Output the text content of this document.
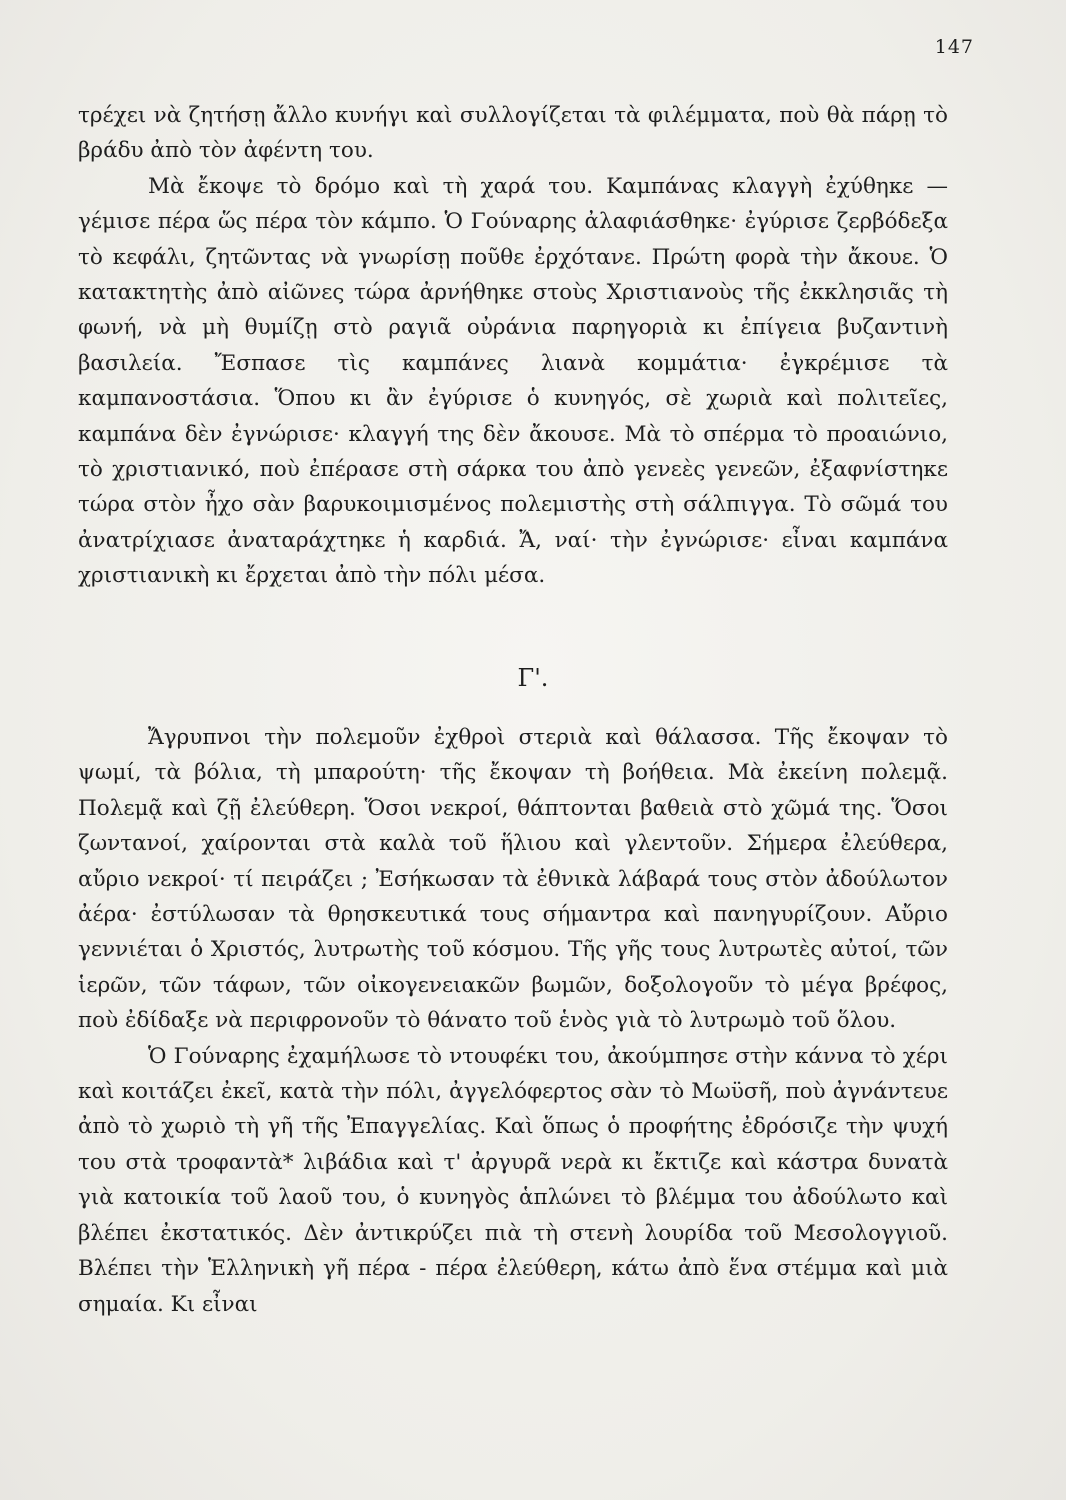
147

τρέχει νὰ ζητήσῃ ἄλλο κυνήγι καὶ συλλογίζεται τὰ φιλέμματα, ποὺ θὰ πάρῃ τὸ βράδυ ἀπὸ τὸν ἀφέντη του.

Μὰ ἔκοψε τὸ δρόμο καὶ τὴ χαρά του. Καμπάνας κλαγγὴ ἐχύθηκε — γέμισε πέρα ὥς πέρα τὸν κάμπο. Ὁ Γούναρης ἀλαφιάσθηκε· ἐγύρισε ζερβόδεξα τὸ κεφάλι, ζητῶντας νὰ γνωρίσῃ ποῦθε ἐρχότανε. Πρώτη φορὰ τὴν ἄκουε. Ὁ κατακτητὴς ἀπὸ αἰῶνες τώρα ἀρνήθηκε στοὺς Χριστιανοὺς τῆς ἐκκλησιᾶς τὴ φωνή, νὰ μὴ θυμίζῃ στὸ ραγιᾶ οὐράνια παρηγοριὰ κι ἐπίγεια βυζαντινὴ βασιλεία. Ἔσπασε τὶς καμπάνες λιανὰ κομμάτια· ἐγκρέμισε τὰ καμπανοστάσια. Ὅπου κι ἂν ἐγύρισε ὁ κυνηγός, σὲ χωριὰ καὶ πολιτεῖες, καμπάνα δὲν ἐγνώρισε· κλαγγή της δὲν ἄκουσε. Μὰ τὸ σπέρμα τὸ προαιώνιο, τὸ χριστιανικό, ποὺ ἐπέρασε στὴ σάρκα του ἀπὸ γενεὲς γενεῶν, ἐξαφνίστηκε τώρα στὸν ἦχο σὰν βαρυκοιμισμένος πολεμιστὴς στὴ σάλπιγγα. Τὸ σῶμά του ἀνατρίχιασε ἀναταράχτηκε ἡ καρδιά. Ἄ, ναί· τὴν ἐγνώρισε· εἶναι καμπάνα χριστιανικὴ κι ἔρχεται ἀπὸ τὴν πόλι μέσα.

Γ'.

Ἄγρυπνοι τὴν πολεμοῦν ἐχθροὶ στεριὰ καὶ θάλασσα. Τῆς ἔκοψαν τὸ ψωμί, τὰ βόλια, τὴ μπαρούτη· τῆς ἔκοψαν τὴ βοήθεια. Μὰ ἐκείνη πολεμᾷ. Πολεμᾷ καὶ ζῇ ἐλεύθερη. Ὅσοι νεκροί, θάπτονται βαθειὰ στὸ χῶμά της. Ὅσοι ζωντανοί, χαίρονται στὰ καλὰ τοῦ ἥλιου καὶ γλεντοῦν. Σήμερα ἐλεύθερα, αὔριο νεκροί· τί πειράζει ; Ἐσήκωσαν τὰ ἐθνικὰ λάβαρά τους στὸν ἀδούλωτον ἀέρα· ἐστύλωσαν τὰ θρησκευτικά τους σήμαντρα καὶ πανηγυρίζουν. Αὔριο γεννιέται ὁ Χριστός, λυτρωτὴς τοῦ κόσμου. Τῆς γῆς τους λυτρωτὲς αὐτοί, τῶν ἱερῶν, τῶν τάφων, τῶν οἰκογενειακῶν βωμῶν, δοξολογοῦν τὸ μέγα βρέφος, ποὺ ἐδίδαξε νὰ περιφρονοῦν τὸ θάνατο τοῦ ἑνὸς γιὰ τὸ λυτρωμὸ τοῦ ὅλου.

Ὁ Γούναρης ἐχαμήλωσε τὸ ντουφέκι του, ἀκούμπησε στὴν κάννα τὸ χέρι καὶ κοιτάζει ἐκεῖ, κατὰ τὴν πόλι, ἀγγελόφερτος σὰν τὸ Μωϋσῆ, ποὺ ἀγνάντευε ἀπὸ τὸ χωριὸ τὴ γῆ τῆς Ἐπαγγελίας. Καὶ ὅπως ὁ προφήτης ἐδρόσιζε τὴν ψυχή του στὰ τροφαντὰ* λιβάδια καὶ τ' ἀργυρᾶ νερὰ κι ἔκτιζε καὶ κάστρα δυνατὰ γιὰ κατοικία τοῦ λαοῦ του, ὁ κυνηγὸς ἁπλώνει τὸ βλέμμα του ἀδούλωτο καὶ βλέπει ἐκστατικός. Δὲν ἀντικρύζει πιὰ τὴ στενὴ λουρίδα τοῦ Μεσολογγιοῦ. Βλέπει τὴν Ἑλληνικὴ γῆ πέρα - πέρα ἐλεύθερη, κάτω ἀπὸ ἕνα στέμμα καὶ μιὰ σημαία. Κι εἶναι
